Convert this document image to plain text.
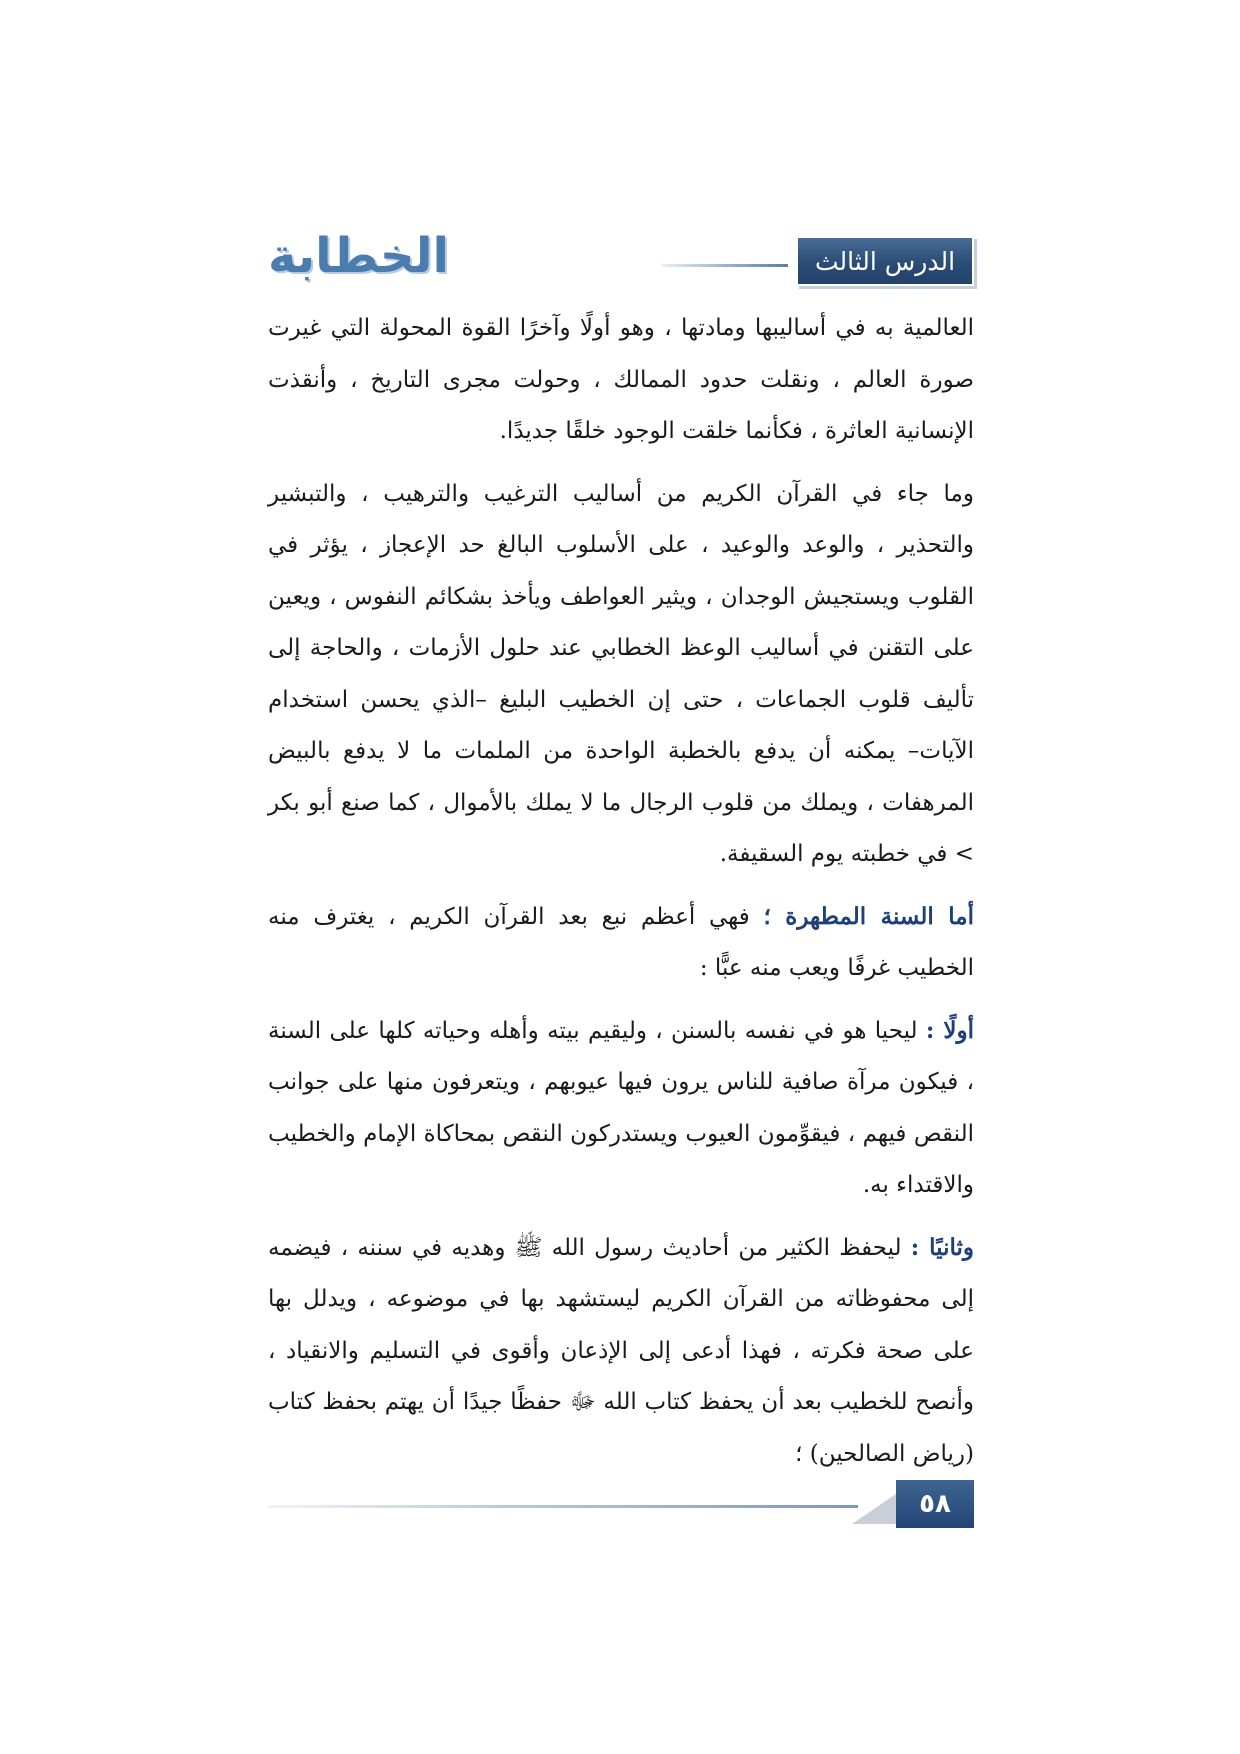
الدرس الثالث
الخطابة

العالمية به في أساليبها ومادتها ، وهو أولًا وآخرًا القوة المحولة التي غيرت صورة العالم ، ونقلت حدود الممالك ، وحولت مجرى التاريخ ، وأنقذت الإنسانية العاثرة ، فكأنما خلقت الوجود خلقًا جديدًا.

وما جاء في القرآن الكريم من أساليب الترغيب والترهيب ، والتبشير والتحذير ، والوعد والوعيد ، على الأسلوب البالغ حد الإعجاز ، يؤثر في القلوب ويستجيش الوجدان ، ويثير العواطف ويأخذ بشكائم النفوس ، ويعين على التقنن في أساليب الوعظ الخطابي عند حلول الأزمات ، والحاجة إلى تأليف قلوب الجماعات ، حتى إن الخطيب البليغ –الذي يحسن استخدام الآيات– يمكنه أن يدفع بالخطبة الواحدة من الملمات ما لا يدفع بالبيض المرهفات ، ويملك من قلوب الرجال ما لا يملك بالأموال ، كما صنع أبو بكر > في خطبته يوم السقيفة.

أما السنة المطهرة ؛ فهي أعظم نبع بعد القرآن الكريم ، يغترف منه الخطيب غرفًا ويعب منه عبًّا :

أولًا : ليحيا هو في نفسه بالسنن ، وليقيم بيته وأهله وحياته كلها على السنة ، فيكون مرآة صافية للناس يرون فيها عيوبهم ، ويتعرفون منها على جوانب النقص فيهم ، فيقوِّمون العيوب ويستدركون النقص بمحاكاة الإمام والخطيب والاقتداء به.

وثانيًا : ليحفظ الكثير من أحاديث رسول الله ﷺ وهديه في سننه ، فيضمه إلى محفوظاته من القرآن الكريم ليستشهد بها في موضوعه ، ويدلل بها على صحة فكرته ، فهذا أدعى إلى الإذعان وأقوى في التسليم والانقياد ، وأنصح للخطيب بعد أن يحفظ كتاب الله ﷻ حفظًا جيدًا أن يهتم بحفظ كتاب (رياض الصالحين) ؛

٥٨
